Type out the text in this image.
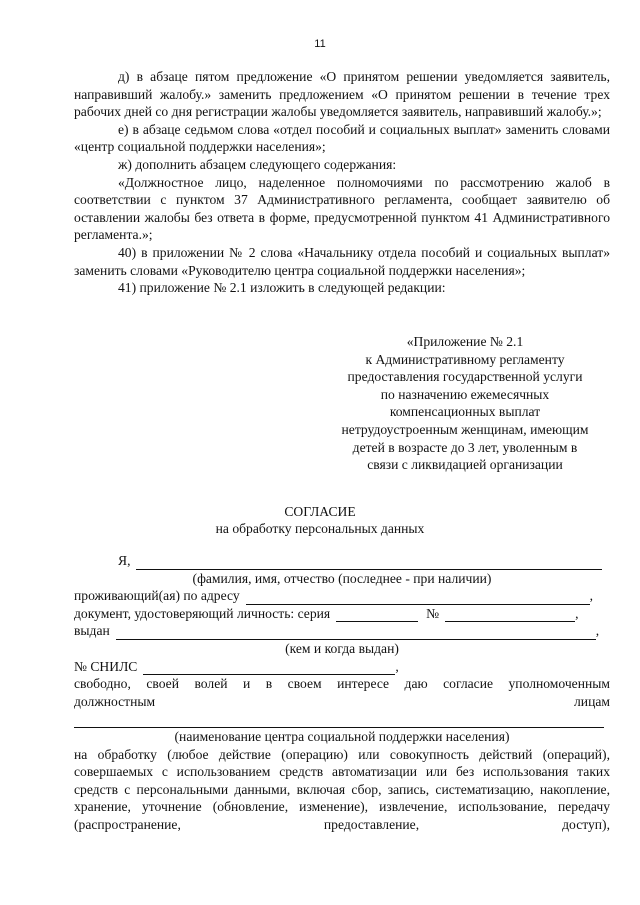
11

д) в абзаце пятом предложение «О принятом решении уведомляется заявитель, направивший жалобу.» заменить предложением «О принятом решении в течение трех рабочих дней со дня регистрации жалобы уведомляется заявитель, направивший жалобу.»;

е) в абзаце седьмом слова «отдел пособий и социальных выплат» заменить словами «центр социальной поддержки населения»;

ж) дополнить абзацем следующего содержания:

«Должностное лицо, наделенное полномочиями по рассмотрению жалоб в соответствии с пунктом 37 Административного регламента, сообщает заявителю об оставлении жалобы без ответа в форме, предусмотренной пунктом 41 Административного регламента.»;

40) в приложении № 2 слова «Начальнику отдела пособий и социальных выплат» заменить словами «Руководителю центра социальной поддержки населения»;

41) приложение № 2.1 изложить в следующей редакции:

«Приложение № 2.1
к Административному регламенту
предоставления государственной услуги
по назначению ежемесячных
компенсационных выплат
нетрудоустроенным женщинам, имеющим
детей в возрасте до 3 лет, уволенным в
связи с ликвидацией организации
СОГЛАСИЕ
на обработку персональных данных
Я,
(фамилия, имя, отчество (последнее - при наличии)
проживающий(ая) по адресу	,
документ, удостоверяющий личность: серия	№	,
выдан	,
(кем и когда выдан)
№ СНИЛС	,
свободно, своей волей и в своем интересе даю согласие уполномоченным
должностным	лицам
(наименование центра социальной поддержки населения)
на обработку (любое действие (операцию) или совокупность действий (операций), совершаемых с использованием средств автоматизации или без использования таких средств с персональными данными, включая сбор, запись, систематизацию, накопление, хранение, уточнение (обновление, изменение), извлечение, использование, передачу (распространение, предоставление, доступ),
